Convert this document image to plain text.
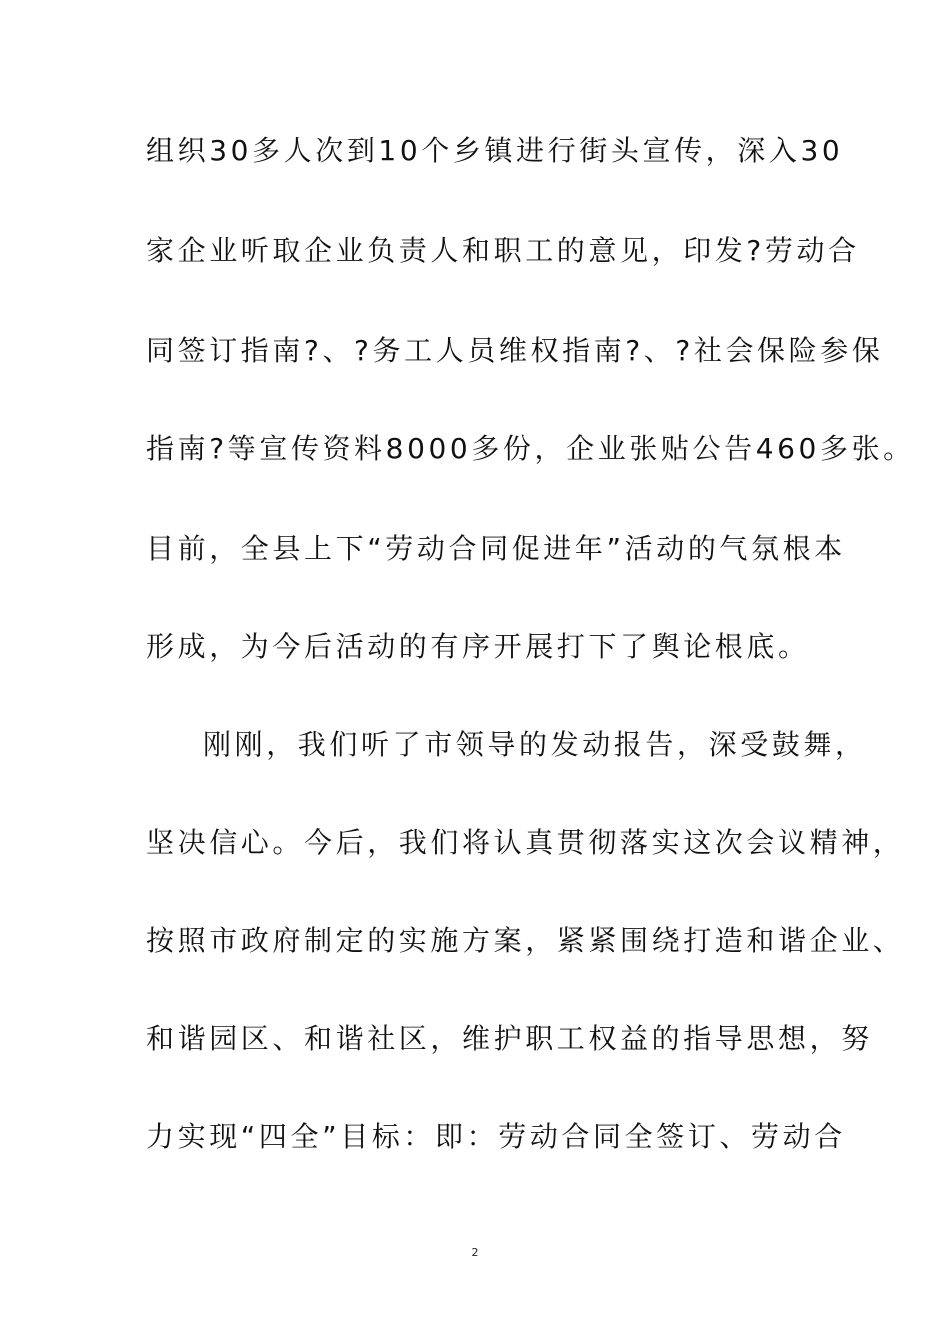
组织30多人次到10个乡镇进行街头宣传，深入30
家企业听取企业负责人和职工的意见，印发?劳动合
同签订指南?、?务工人员维权指南?、?社会保险参保
指南?等宣传资料8000多份，企业张贴公告460多张。
目前，全县上下“劳动合同促进年”活动的气氛根本
形成，为今后活动的有序开展打下了舆论根底。
刚刚，我们听了市领导的发动报告，深受鼓舞，
坚决信心。今后，我们将认真贯彻落实这次会议精神，
按照市政府制定的实施方案，紧紧围绕打造和谐企业、
和谐园区、和谐社区，维护职工权益的指导思想，努
力实现“四全”目标：即：劳动合同全签订、劳动合
2
